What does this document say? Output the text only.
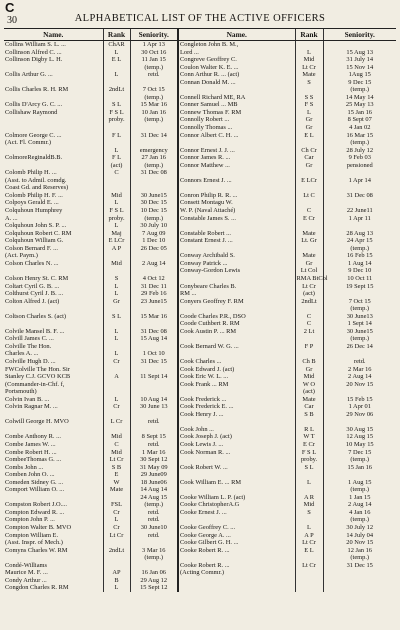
C
30	ALPHABETICAL LIST OF THE ACTIVE OFFICERS
Name.	Rank	Seniority.	Name.	Rank	Seniority.
Collins William S. L. ...	ChAR	1 Apr 13	Congleton John B. M.,		
Collinson Alfred C. ...	L	30 Oct 16	Lord ...	L	15 Aug 13
Collinson Digby L. H.	E L	11 Jan 15	Congreve Geoffrey C.	Mid	31 July 14
		(temp.)	Coulon Walter K. E. ...	Lt Cr	15 Nov 14
Collis Arthur G. ...	L	retd.	Conn Arthur R. ... (act)	Mate	1Aug 15
			Connan Donald M. ...	S	9 Dec 15
Collis Charles R. H. RM	2ndLt	7 Oct 15			(temp.)
		(temp.)	Connell Richard ME, RA	S S	14 May 14
Collis D'Arcy G. C. ...	S L	15 Mar 16	Conner Samuel ... MB	F S	25 May 13
Collishaw Raymond	F S L	10 Jan 16	Connew Thomas F. RM	L	15 Jan 16
	proby.	(temp.)	Connolly Robert ...	Gr	8 Sept 07
			Connolly Thomas ...	Gr	4 Jan 02
Colmore George C. ...	F L	31 Dec 14	Connor Albert C. H. ...	E L	16 Mar 15
(Act. Fl. Commr.)					(temp.)
	L	emergency	Connor Ernest J. J. ...	Ch Cr	28 July 12
ColmoreReginaldB.B.	F L	27 Jan 16	Connor James R. ...	Car	9 Feb 03
	(act)	(temp.)	Connor Matthew ...	Gr	pensioned
Colomb Philip H. ...	C	31 Dec 08			
(Asst. to Admil. comdg.			Connors Ernest J. ...	E LCr	1 Apr 14
Coast Gd. and Reserves)					
Colomb Philip H. F. ...	Mid	30 June15	Conron Philip R. R. ...	Lt C	31 Dec 08
Colpoys Gerald E. ...	L	30 Dec 15	Consett Montagu W.		
Colquhoun Humphrey	F S L	10 Dec 15	W. P. (Naval Attaché)	C	22 June11
A. ...	proby.	(temp.)	Constable James S. ...	E Cr	1 Apr 11
Colquhoun John S. P. ...	L	30 July 10			
Colquhoun Robert C. RM	Maj	7 Aug 09	Constable Robert ...	Mate	28 Aug 13
Colquhoun William G.	E LCr	1 Dec 10	Constant Ernest J. ...	Lt. Gr	24 Apr 15
Colson Bernard F. ...	A P	26 Dec 05			(temp.)
(Act. Paym.)			Conway Archibald S.	Mate	16 Feb 15
Colson Charles N. ...	Mid	2 Aug 14	Conway Patrick ...	Gr	1 Aug 14
			Conway-Gordon Lewis	Lt Col	9 Dec 10
Colson Henry St. C. RM	S	4 Oct 12		RMA BtCol	10 Oct 11
Coltart Cyril G. B. ...	L	31 Dec 11	Conybeare Charles B.	Lt Cr	19 Sept 15
Colthurst Cyril J. B. ...	L	29 Feb 16	RM ...	(act)	
Colton Alfred J. (act)	Gr	23 June15	Conyers Geoffrey F. RM	2ndLt	7 Oct 15
					(temp.)
Coltson Charles S. (act)	S L	15 Mar 16	Coode Charles P.R., DSO	C	30 June13
			Coode Cuthbert R. RM	C	1 Sept 14
Colvile Mansel B. F. ...	L	31 Dec 08	Cook Austin P. ... RM	2 Lt	30 June15
Colvill James C. ...	L	15 Aug 14			(temp.)
Colville The Hon.			Cook Bernard W. G. ...	F P	26 Dec 14
Charles A. ...	L	1 Oct 10			
Colville Hugh D. ...	Cr	31 Dec 15	Cook Charles ...	Ch B	retd.
FWColville The Hon. Sir			Cook Edward J. (act)	Gr	2 Mar 16
Stanley C.J. GCVO KCB	A	11 Sept 14	Cook Eric W. L. ...	Mid	2 Aug 14
(Commander-in-Chf. f,			Cook Frank ... RM	W O	20 Nov 15
Portsmouth)				(act)	
Colvin Ivan B. ...	L	10 Aug 14	Cook Frederick ...	Mate	15 Feb 15
Colvin Ragnar M. ...	Cr	30 June 13	Cook Frederick E. ...	Car	1 Apr 01
			Cook Henry J. ...	S B	29 Nov 06
Colwill George H. MVO	L Cr	retd.			
			Cook John ...	R L	30 Aug 15
Combe Anthony R. ...	Mid	8 Sept 15	Cook Joseph J. (act)	W T	12 Aug 15
Combe James W. ...	C	retd.	Cook Lewis J. ...	E Cr	10 May 15
Combe Robert H. ...	Mid	1 Mar 16	Cook Norman R. ...	F S L	7 Dec 15
CombeeThomas G. ...	Lt Cr	30 Sept 12		proby.	(temp.)
Combs John ...	S B	31 May 09	Cook Robert W. ...	S L	15 Jan 16
Comben John O. ...	E	29 June09			
Comeden Sidney G. ...	W	18 June06	Cook William E. ... RM	L	1 Aug 15
Comport William O. ...	Mate	14 Aug 14			(temp.)
		24 Aug 15	Cooke William L. P. (act)	A R	1 Jan 15
Compston Robert J.O....	FSL	(temp.)	Cooke ChristopherA.G	Mid	2 Aug 14
Compton Edward R. ...	Cr	retd.	Cooke Ernest J. ...	S	4 Jan 16
Compton John P. ...	L	retd.			(temp.)
Compton Walter B. MVO	Cr	30 June10	Cooke Geoffrey C. ...	L	30 July 12
Compton William E.	Lt Cr	retd.	Cooke George A. ...	A P	14 July 04
(Asst. Inspr. of Mech.)			Cooke Gilbert G. H. ...	Lt Cr	20 Nov 15
Comyns Charles W. RM	2ndLt	3 Mar 16	Cooke Robert R. ...	E L	12 Jan 16
		(temp.)			(temp.)
Condé-Williams			Cooke Robert R. ...	Lt Cr	31 Dec 15
Maurice M. F. ...	AP	16 Jan 06	(Acting Commr.)		
Condy Arthur ...	B	29 Aug 12			
Congdon Charles R. RM	L	15 Sept 12			
